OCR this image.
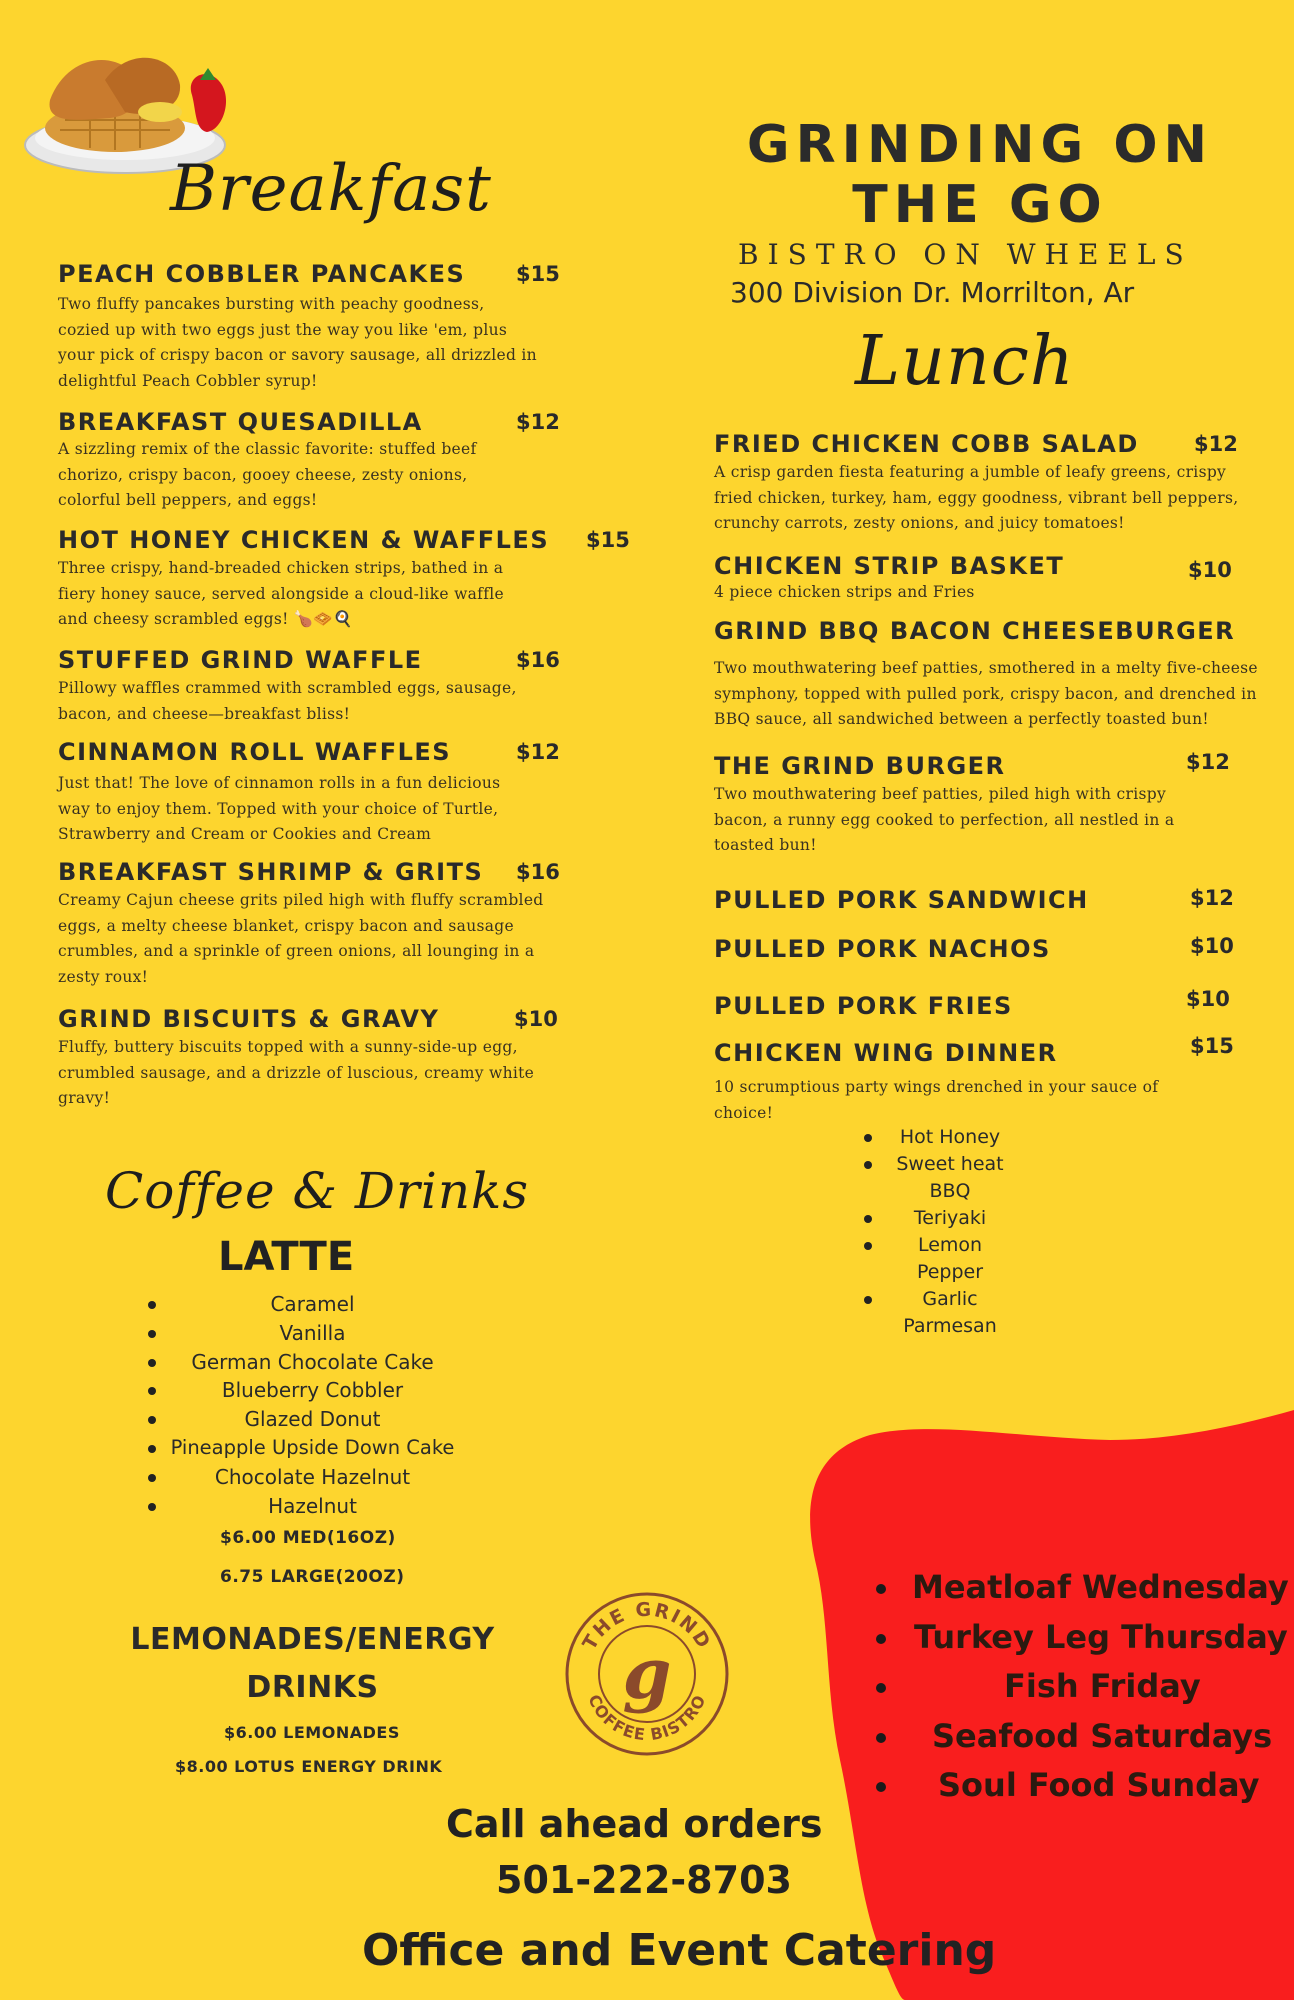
GRINDING ON THE GO
BISTRO ON WHEELS
300 Division Dr. Morrilton, Ar
Breakfast
PEACH COBBLER PANCAKES $15
Two fluffy pancakes bursting with peachy goodness, cozied up with two eggs just the way you like 'em, plus your pick of crispy bacon or savory sausage, all drizzled in delightful Peach Cobbler syrup!
BREAKFAST QUESADILLA	$12
A sizzling remix of the classic favorite: stuffed beef chorizo, crispy bacon, gooey cheese, zesty onions, colorful bell peppers, and eggs!
HOT HONEY CHICKEN & WAFFLES $15
Three crispy, hand-breaded chicken strips, bathed in a fiery honey sauce, served alongside a cloud-like waffle and cheesy scrambled eggs! 🍗🧇🍳
STUFFED GRIND WAFFLE	$16
Pillowy waffles crammed with scrambled eggs, sausage, bacon, and cheese—breakfast bliss!
CINNAMON ROLL WAFFLES	$12
Just that! The love of cinnamon rolls in a fun delicious way to enjoy them. Topped with your choice of Turtle, Strawberry and Cream or Cookies and Cream
BREAKFAST SHRIMP & GRITS $16
Creamy Cajun cheese grits piled high with fluffy scrambled eggs, a melty cheese blanket, crispy bacon and sausage crumbles, and a sprinkle of green onions, all lounging in a zesty roux!
GRIND BISCUITS & GRAVY	$10
Fluffy, buttery biscuits topped with a sunny-side-up egg, crumbled sausage, and a drizzle of luscious, creamy white gravy!
Lunch
FRIED CHICKEN COBB SALAD	$12
A crisp garden fiesta featuring a jumble of leafy greens, crispy fried chicken, turkey, ham, eggy goodness, vibrant bell peppers, crunchy carrots, zesty onions, and juicy tomatoes!
CHICKEN STRIP BASKET	$10
4 piece chicken strips and Fries
GRIND BBQ BACON CHEESEBURGER
Two mouthwatering beef patties, smothered in a melty five-cheese symphony, topped with pulled pork, crispy bacon, and drenched in BBQ sauce, all sandwiched between a perfectly toasted bun!
THE GRIND BURGER	$12
Two mouthwatering beef patties, piled high with crispy bacon, a runny egg cooked to perfection, all nestled in a toasted bun!
PULLED PORK SANDWICH	$12
PULLED PORK NACHOS	$10
PULLED PORK FRIES	$10
CHICKEN WING DINNER	$15
10 scrumptious party wings drenched in your sauce of choice!
Hot Honey
Sweet heat BBQ
Teriyaki
Lemon Pepper
Garlic Parmesan
Coffee & Drinks
LATTE
Caramel
Vanilla
German Chocolate Cake
Blueberry Cobbler
Glazed Donut
Pineapple Upside Down Cake
Chocolate Hazelnut
Hazelnut
$6.00 MED(16OZ)
6.75 LARGE(20OZ)
LEMONADES/ENERGY DRINKS
$6.00 LEMONADES
$8.00 LOTUS ENERGY DRINK
THE GRIND
COFFEE BISTRO
g
Meatloaf Wednesday
Turkey Leg Thursday
Fish Friday
Seafood Saturdays
Soul Food Sunday
Call ahead orders
501-222-8703
Office and Event Catering
